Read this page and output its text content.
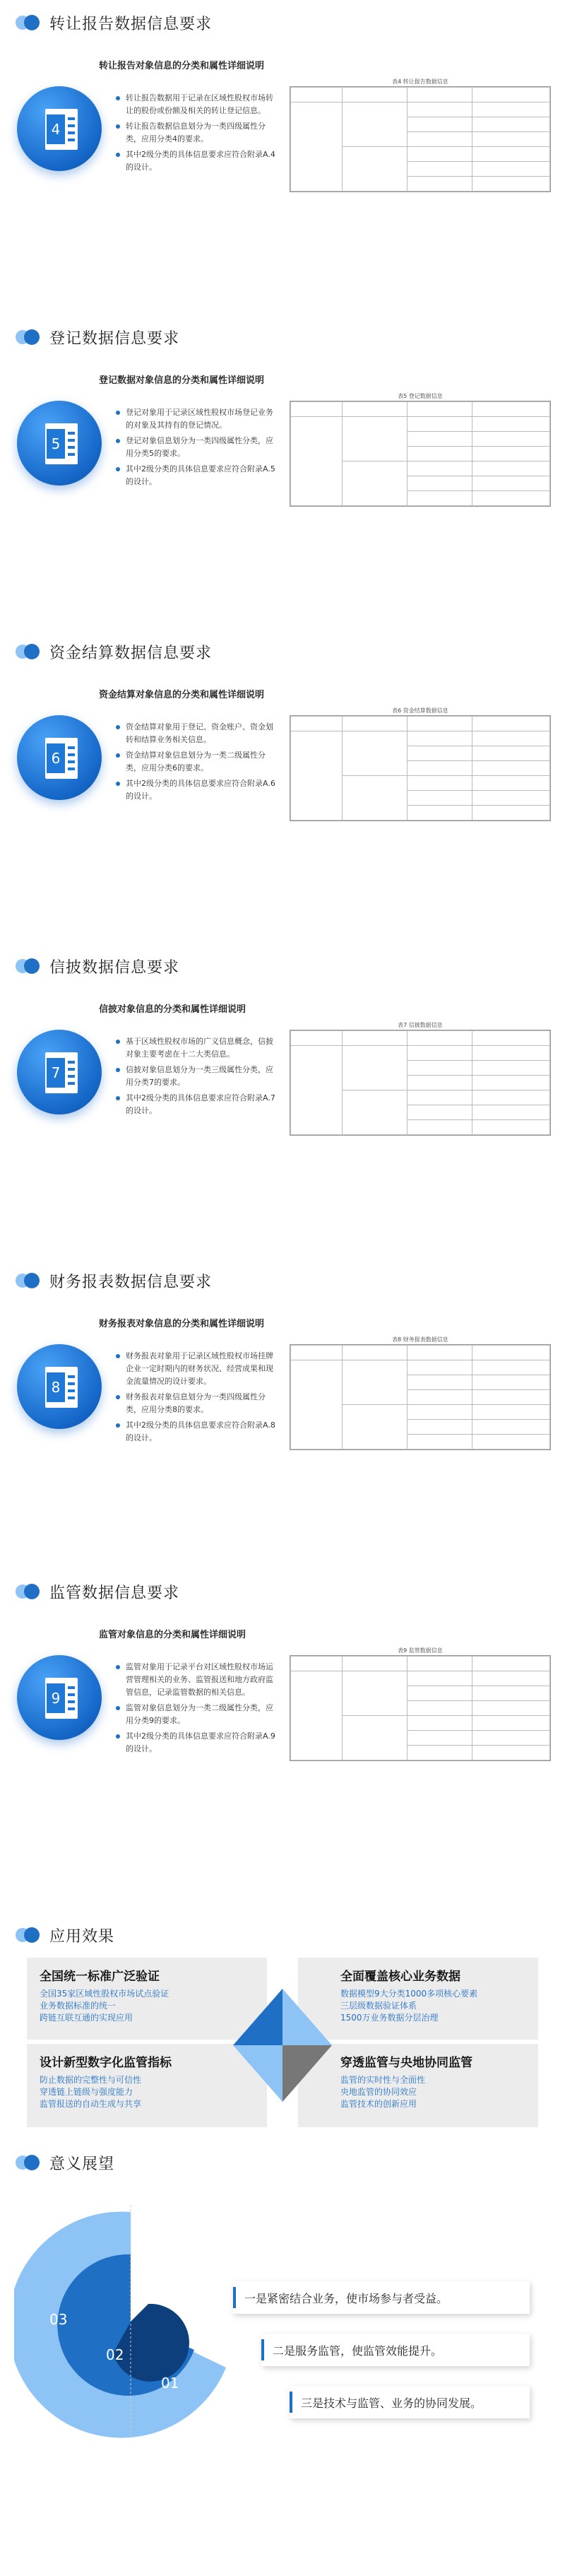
转让报告数据信息要求
转让报告对象信息的分类和属性详细说明
4
转让报告数据用于记录在区域性股权市场转让的股份或份额及相关的转让登记信息。
转让报告数据信息划分为一类四级属性分类，应用分类4的要求。
其中2级分类的具体信息要求应符合附录A.4的设计。
表4 转让报告数据信息

登记数据信息要求
登记数据对象信息的分类和属性详细说明
5
登记对象用于记录区域性股权市场登记业务的对象及其持有的登记情况。
登记对象信息划分为一类四级属性分类，应用分类5的要求。
其中2级分类的具体信息要求应符合附录A.5的设计。
表5 登记数据信息

资金结算数据信息要求
资金结算对象信息的分类和属性详细说明
6
资金结算对象用于登记、资金账户、资金划转和结算业务相关信息。
资金结算对象信息划分为一类二级属性分类，应用分类6的要求。
其中2级分类的具体信息要求应符合附录A.6的设计。
表6 资金结算数据信息

信披数据信息要求
信披对象信息的分类和属性详细说明
7
基于区域性股权市场的广义信息概念，信披对象主要考虑在十二大类信息。
信披对象信息划分为一类三级属性分类，应用分类7的要求。
其中2级分类的具体信息要求应符合附录A.7的设计。
表7 信披数据信息

财务报表数据信息要求
财务报表对象信息的分类和属性详细说明
8
财务报表对象用于记录区域性股权市场挂牌企业一定时期内的财务状况、经营成果和现金流量情况的设计要求。
财务报表对象信息划分为一类四级属性分类，应用分类8的要求。
其中2级分类的具体信息要求应符合附录A.8的设计。
表8 财务报表数据信息

监管数据信息要求
监管对象信息的分类和属性详细说明
9
监管对象用于记录平台对区域性股权市场运营管理相关的业务、监管报送和地方政府监管信息，记录监管数据的相关信息。
监管对象信息划分为一类二级属性分类，应用分类9的要求。
其中2级分类的具体信息要求应符合附录A.9的设计。
表9 监管数据信息

应用效果
全国统一标准广泛验证

全国35家区域性股权市场试点验证

业务数据标准的统一

跨链互联互通的实现应用

全面覆盖核心业务数据

数据模型9大分类1000多项核心要素

三层级数据验证体系

1500万业务数据分层治理

设计新型数字化监管指标

防止数据的完整性与可信性

穿透链上链级与强度能力

监管报送的自动生成与共享

穿透监管与央地协同监管

监管的实时性与全面性

央地监管的协同效应

监管技术的创新应用

意义展望
03
02
01
一是紧密结合业务，使市场参与者受益。
二是服务监管，使监管效能提升。
三是技术与监管、业务的协同发展。
